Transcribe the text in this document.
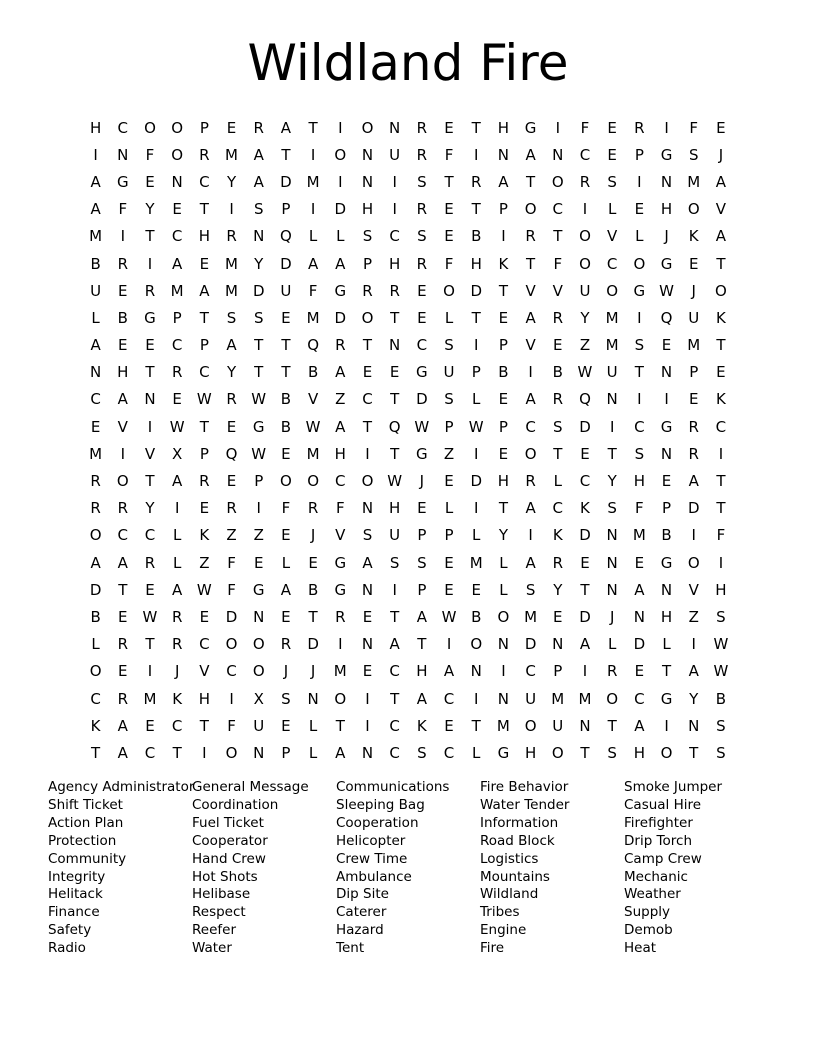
Wildland Fire
H	C	O	O	P	E	R	A	T	I	O	N	R	E	T	H	G	I	F	E	R	I	F	E
I	N	F	O	R	M	A	T	I	O	N	U	R	F	I	N	A	N	C	E	P	G	S	J
A	G	E	N	C	Y	A	D M	I	N	I	S	T	R	A	T	O	R	S	I	N	M	A
A	F	Y	E	T	I	S	P	I	D	H	I	R	E	T	P	O	C	I	L	E	H	O	V
M	I	T	C	H	R	N	Q	L	L	S	C	S	E	B	I	R	T	O	V	L	J	K	A
B	R	I	A	E	M	Y	D	A	A	P	H	R	F	H	K	T	F	O	C	O	G	E	T
U	E	R	M	A	M D	U	F	G	R	R	E	O	D	T	V	V	U	O	G W	J	O
L	B	G	P	T	S	S	E	M D	O	T	E	L	T	E	A	R	Y	M	I	Q	U	K
A	E	E	C	P	A	T	T	Q	R	T	N	C	S	I	P	V	E	Z	M	S	E	M	T
N	H	T	R	C	Y	T	T	B	A	E	E	G	U	P	B	I	B W U	T	N	P	E
C	A	N	E	W R W B	V	Z	C	T	D	S	L	E	A	R	Q	N	I	I	E	K
E	V	I	W	T	E	G	B W A	T	Q W	P	W	P	C	S	D	I	C	G	R	C
M	I	V	X	P	Q W	E	M	H	I	T	G	Z	I	E	O	T	E	T	S	N	R	I
R	O	T	A	R	E	P	O	O	C	O W	J	E	D	H	R	L	C	Y	H	E	A	T
R	R	Y	I	E	R	I	F	R	F	N	H	E	L	I	T	A	C	K	S	F	P	D	T
O	C	C	L	K	Z	Z	E	J	V	S	U	P	P	L	Y	I	K	D	N	M	B	I	F
A	A	R	L	Z	F	E	L	E	G	A	S	S	E	M	L	A	R	E	N	E	G	O	I
D	T	E	A W	F	G	A	B	G	N	I	P	E	E	L	S	Y	T	N	A	N	V	H
B	E	W R	E	D	N	E	T	R	E	T	A W B	O M	E	D	J	N	H	Z	S
L	R	T	R	C	O	O	R	D	I	N	A	T	I	O	N	D	N	A	L	D	L	I	W
O	E	I	J	V	C	O	J	J	M	E	C	H	A	N	I	C	P	I	R	E	T	A W
C	R	M	K	H	I	X	S	N	O	I	T	A	C	I	N	U	M M O	C	G	Y	B
K	A	E	C	T	F	U	E	L	T	I	C	K	E	T	M O	U	N	T	A	I	N	S
T	A	C	T	I	O	N	P	L	A	N	C	S	C	L	G	H	O	T	S	H	O	T	S
Agency Administrator
Shift Ticket
Action Plan
Protection
Community
Integrity
Helitack
Finance
Safety
Radio
General Message
Coordination
Fuel Ticket
Cooperator
Hand Crew
Hot Shots
Helibase
Respect
Reefer
Water
Communications
Sleeping Bag
Cooperation
Helicopter
Crew Time
Ambulance
Dip Site
Caterer
Hazard
Tent
Fire Behavior
Water Tender
Information
Road Block
Logistics
Mountains
Wildland
Tribes
Engine
Fire
Smoke Jumper
Casual Hire
Firefighter
Drip Torch
Camp Crew
Mechanic
Weather
Supply
Demob
Heat
